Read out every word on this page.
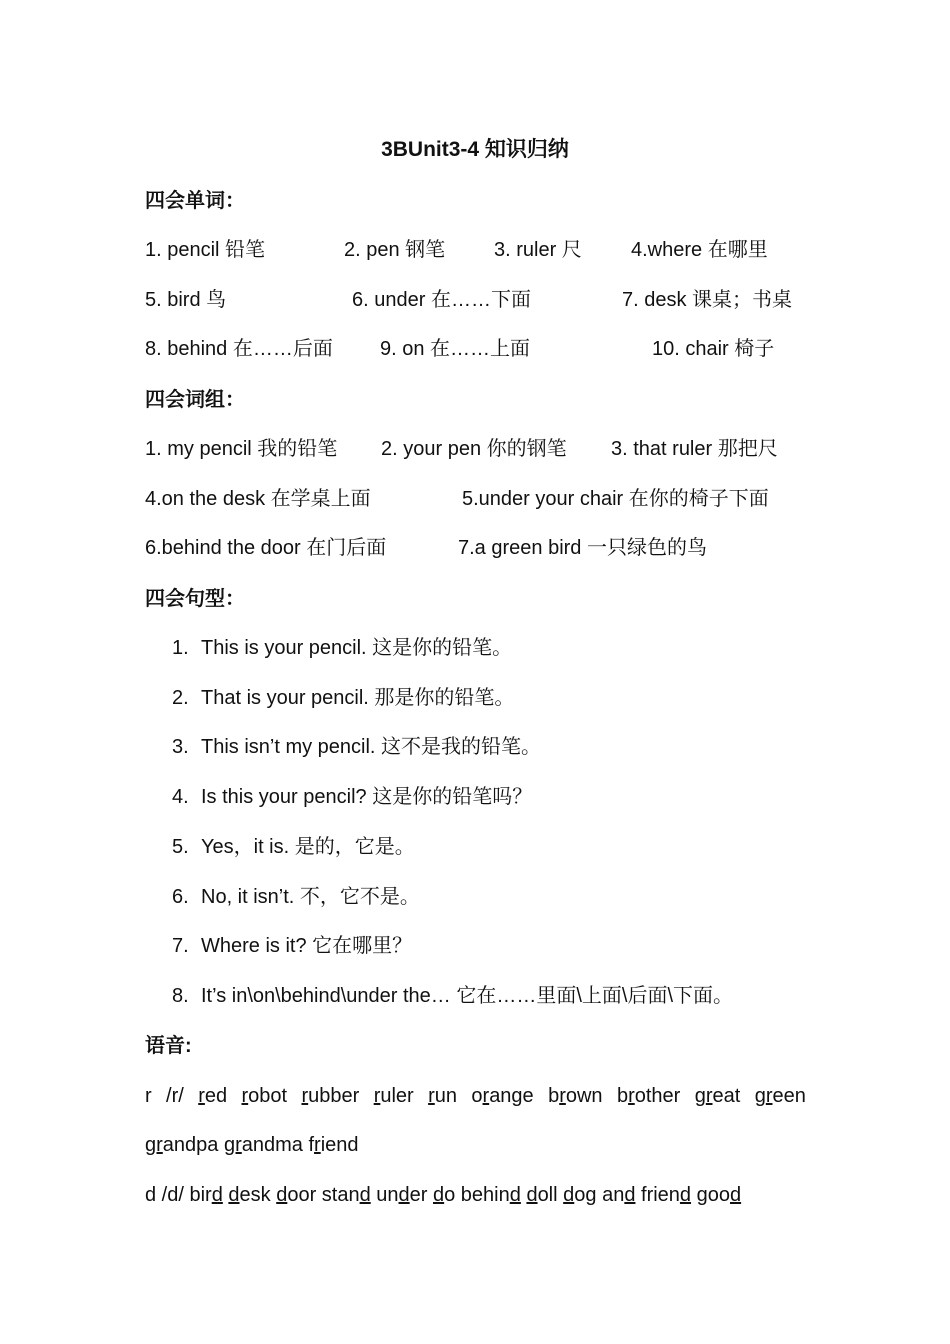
3BUnit3-4 知识归纳
四会单词：
1. pencil 铅笔	2. pen 钢笔 3. ruler 尺 4.where 在哪里
5. bird 鸟	6. under 在……下面	7. desk 课桌；书桌
8. behind 在……后面 9. on 在……上面	10. chair 椅子
四会词组：
1. my pencil 我的铅笔 2. your pen 你的钢笔 3. that ruler 那把尺
4.on the desk 在学桌上面	5.under your chair 在你的椅子下面
6.behind the door 在门后面	7.a green bird 一只绿色的鸟
四会句型：
1. This is your pencil. 这是你的铅笔。
2. That is your pencil. 那是你的铅笔。
3. This isn’t my pencil. 这不是我的铅笔。
4. Is this your pencil? 这是你的铅笔吗？
5. Yes，it is. 是的，它是。
6. No, it isn’t. 不，它不是。
7. Where is it? 它在哪里？
8. It’s in\on\behind\under the… 它在……里面\上面\后面\下面。
语音:
r /r/ red robot rubber ruler run orange brown brother great green
grandpa grandma friend
d /d/ bird desk door stand under do behind doll dog and friend good
